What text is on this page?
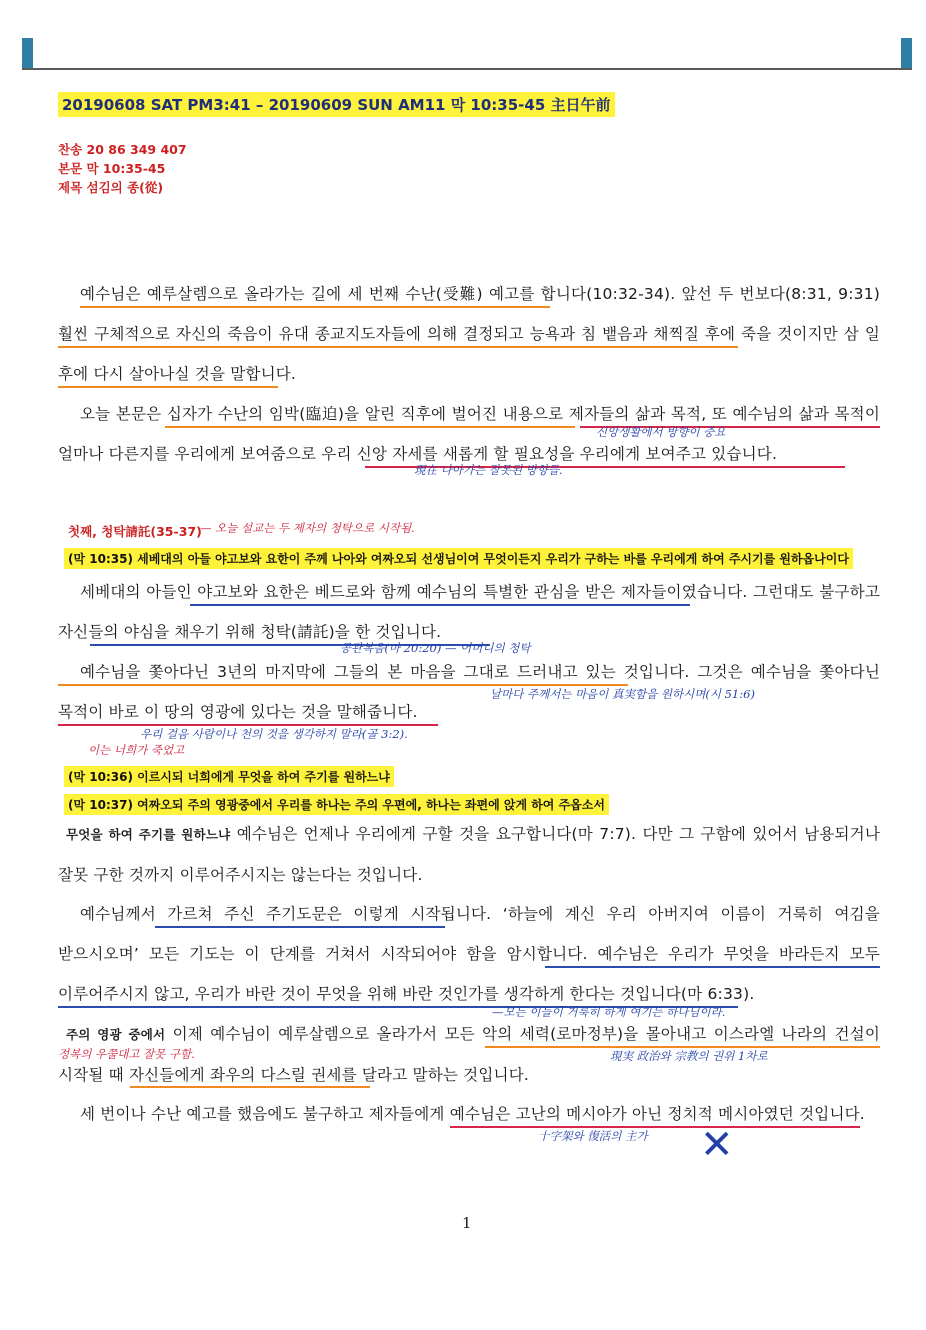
20190608 SAT PM3:41 – 20190609 SUN AM11 막 10:35-45 主日午前
찬송 20 86 349 407
본문 막 10:35-45
제목 섬김의 종(從)
예수님은 예루살렘으로 올라가는 길에 세 번째 수난(受難) 예고를 합니다(10:32-34). 앞선 두 번보다(8:31, 9:31) 훨씬 구체적으로 자신의 죽음이 유대 종교지도자들에 의해 결정되고 능욕과 침 뱉음과 채찍질 후에 죽을 것이지만 삼 일 후에 다시 살아나실 것을 말합니다.
오늘 본문은 십자가 수난의 임박(臨迫)을 알린 직후에 벌어진 내용으로 제자들의 삶과 목적, 또 예수님의 삶과 목적이 얼마나 다른지를 우리에게 보여줌으로 우리 신앙 자세를 새롭게 할 필요성을 우리에게 보여주고 있습니다.
신앙생활에서 방향이 중요
現在 나아가는 잘못된 방향들.
첫째, 청탁請託(35-37)
— 오늘 설교는 두 제자의 청탁으로 시작됨.
(막 10:35) 세베대의 아들 야고보와 요한이 주께 나아와 여짜오되 선생님이여 무엇이든지 우리가 구하는 바를 우리에게 하여 주시기를 원하옵나이다
세베대의 아들인 야고보와 요한은 베드로와 함께 예수님의 특별한 관심을 받은 제자들이였습니다. 그런대도 불구하고 자신들의 야심을 채우기 위해 청탁(請託)을 한 것입니다.
공관복음(마 20:20) — 어머니의 청탁
예수님을 쫓아다닌 3년의 마지막에 그들의 본 마음을 그대로 드러내고 있는 것입니다. 그것은 예수님을 쫓아다닌 목적이 바로 이 땅의 영광에 있다는 것을 말해줍니다.
날마다 주께서는 마음이 真実함을 원하시며(시 51:6)
우리 걸음 사람이나 천의 것을 생각하지 말라(골 3:2).
이는 너희가 죽었고
(막 10:36) 이르시되 너희에게 무엇을 하여 주기를 원하느냐
(막 10:37) 여짜오되 주의 영광중에서 우리를 하나는 주의 우편에, 하나는 좌편에 앉게 하여 주옵소서
무엇을 하여 주기를 원하느냐 예수님은 언제나 우리에게 구할 것을 요구합니다(마 7:7). 다만 그 구함에 있어서 남용되거나 잘못 구한 것까지 이루어주시지는 않는다는 것입니다.
예수님께서 가르쳐 주신 주기도문은 이렇게 시작됩니다. ‘하늘에 계신 우리 아버지여 이름이 거룩히 여김을 받으시오며’ 모든 기도는 이 단계를 거쳐서 시작되어야 함을 암시합니다. 예수님은 우리가 무엇을 바라든지 모두 이루어주시지 않고, 우리가 바란 것이 무엇을 위해 바란 것인가를 생각하게 한다는 것입니다(마 6:33).
주의 영광 중에서 이제 예수님이 예루살렘으로 올라가서 모든 악의 세력(로마정부)을 몰아내고 이스라엘 나라의 건설이 시작될 때 자신들에게 좌우의 다스릴 권세를 달라고 말하는 것입니다.
—모든 이들이 거룩히 하게 여기는 하나님이라.
정복의 우쭐대고 잘못 구함.	現実 政治와 宗教의 권위 1차로
세 번이나 수난 예고를 했음에도 불구하고 제자들에게 예수님은 고난의 메시아가 아닌 정치적 메시아였던 것입니다.
十字架와 復活의 主가 ✕
1
